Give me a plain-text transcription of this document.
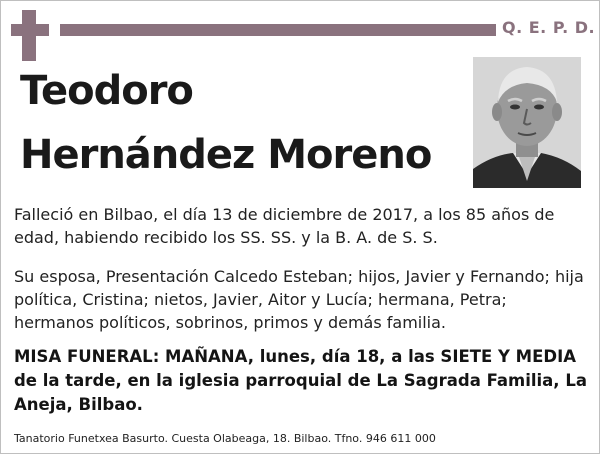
Q. E. P. D.
Teodoro
Hernández Moreno
Falleció en Bilbao, el día 13 de diciembre de 2017, a los 85 años de edad, habiendo recibido los SS. SS. y la B. A. de S. S.
Su esposa, Presentación Calcedo Esteban; hijos, Javier y Fernando; hija política, Cristina; nietos, Javier, Aitor y Lucía; hermana, Petra; hermanos políticos, sobrinos, primos y demás familia.
MISA FUNERAL: MAÑANA, lunes, día 18, a las SIETE Y MEDIA de la tarde, en la iglesia parroquial de La Sagrada Familia, La Aneja, Bilbao.
Tanatorio Funetxea Basurto. Cuesta Olabeaga, 18. Bilbao. Tfno. 946 611 000
